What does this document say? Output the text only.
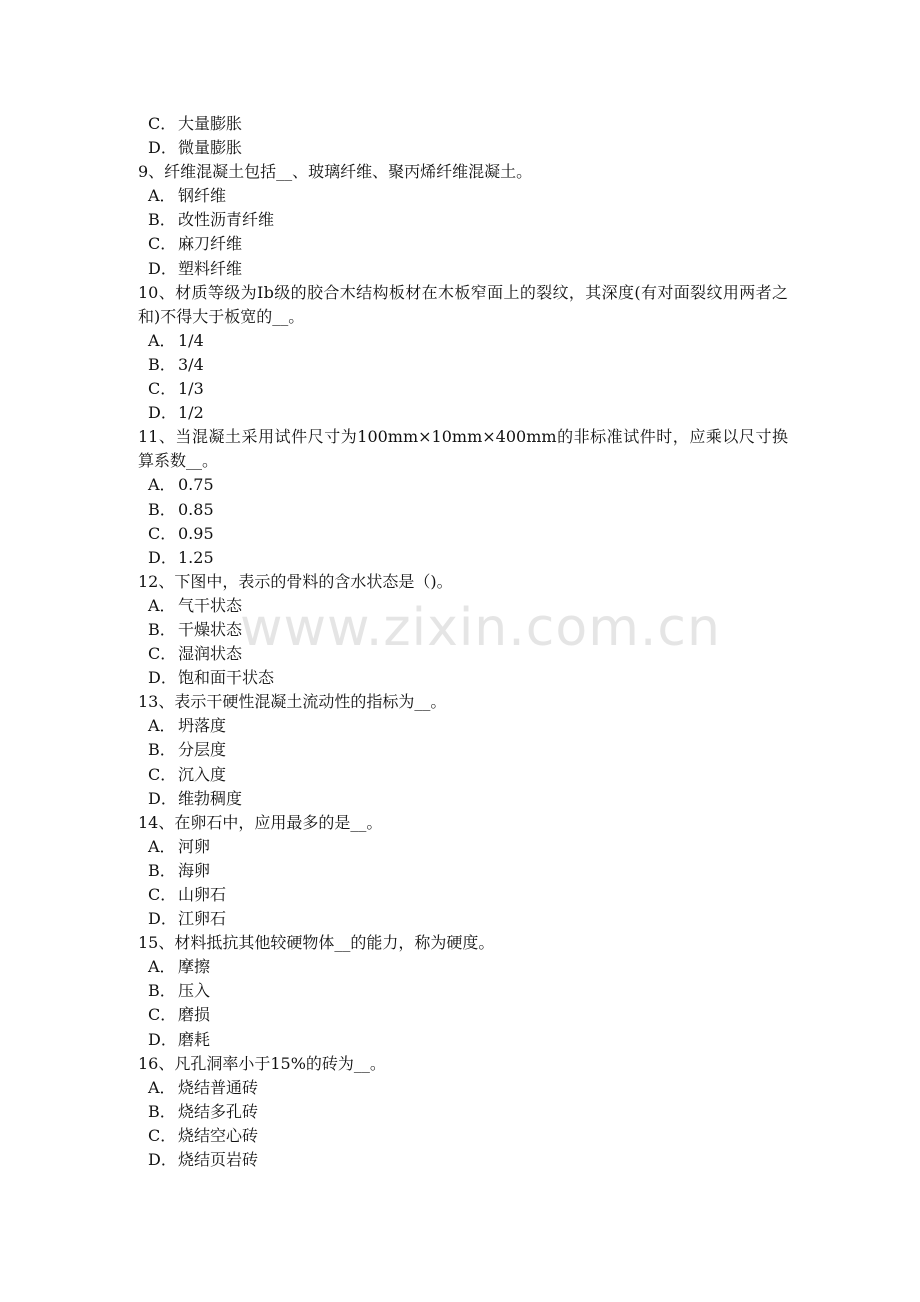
C． 大量膨胀
D．微量膨胀
9、纤维混凝土包括__、玻璃纤维、聚丙烯纤维混凝土。
A． 钢纤维
B． 改性沥青纤维
C． 麻刀纤维
D．塑料纤维
10、材质等级为Ⅰb级的胶合木结构板材在木板窄面上的裂纹，其深度(有对面裂纹用两者之和)不得大于板宽的__。
A． 1/4
B． 3/4
C． 1/3
D．1/2
11、当混凝土采用试件尺寸为100mm×10mm×400mm的非标准试件时，应乘以尺寸换算系数__。
A． 0.75
B． 0.85
C． 0.95
D．1.25
12、下图中，表示的骨料的含水状态是（)。
A． 气干状态
B． 干燥状态
C． 湿润状态
D．饱和面干状态
13、表示干硬性混凝土流动性的指标为__。
A． 坍落度
B． 分层度
C． 沉入度
D．维勃稠度
14、在卵石中，应用最多的是__。
A． 河卵
B． 海卵
C． 山卵石
D．江卵石
15、材料抵抗其他较硬物体__的能力，称为硬度。
A． 摩擦
B． 压入
C． 磨损
D．磨耗
16、凡孔洞率小于15%的砖为__。
A． 烧结普通砖
B． 烧结多孔砖
C． 烧结空心砖
D．烧结页岩砖
www.zixin.com.cn
